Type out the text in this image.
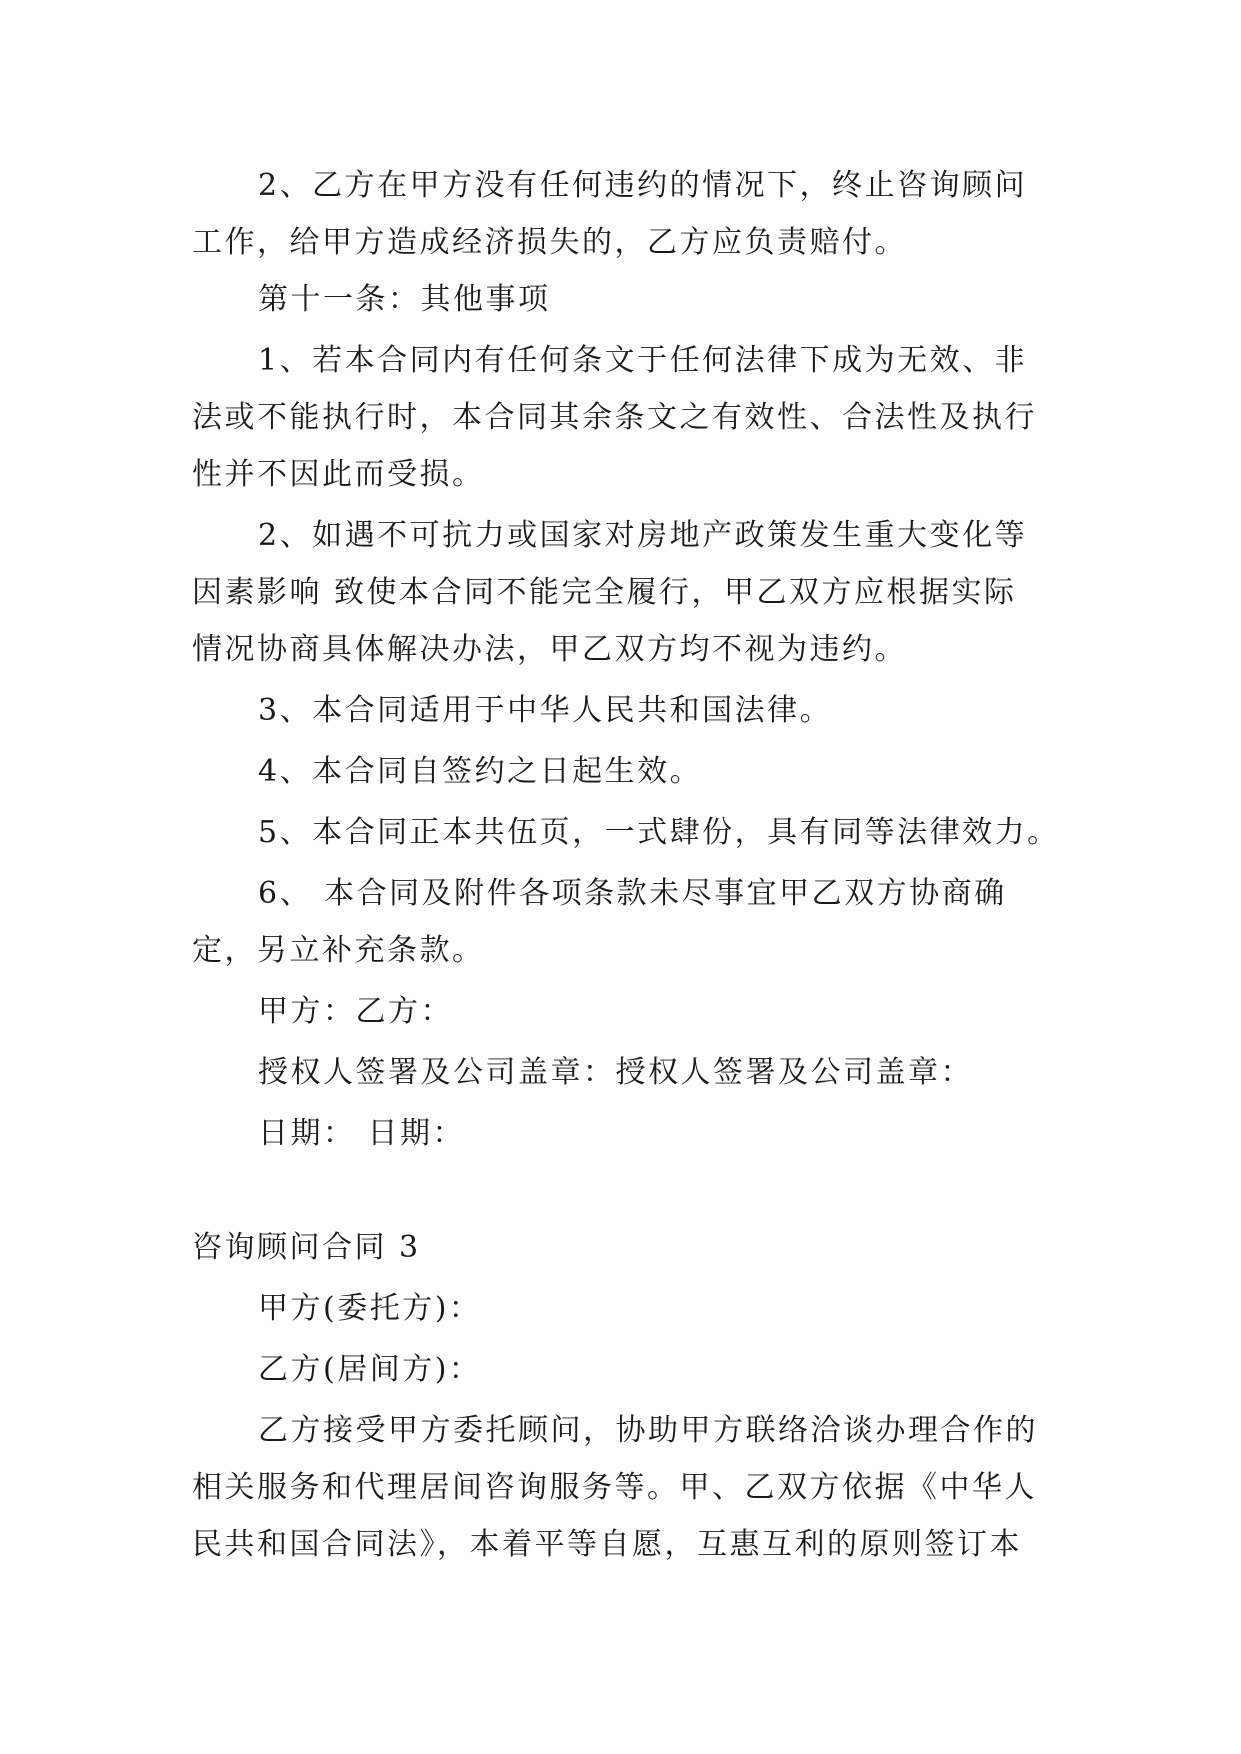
2、乙方在甲方没有任何违约的情况下，终止咨询顾问

工作，给甲方造成经济损失的，乙方应负责赔付。

第十一条：其他事项

1、若本合同内有任何条文于任何法律下成为无效、非

法或不能执行时，本合同其余条文之有效性、合法性及执行

性并不因此而受损。

2、如遇不可抗力或国家对房地产政策发生重大变化等

因素影响 致使本合同不能完全履行，甲乙双方应根据实际

情况协商具体解决办法，甲乙双方均不视为违约。

3、本合同适用于中华人民共和国法律。

4、本合同自签约之日起生效。

5、本合同正本共伍页，一式肆份，具有同等法律效力。

6、 本合同及附件各项条款未尽事宜甲乙双方协商确

定，另立补充条款。

甲方：乙方：

授权人签署及公司盖章：授权人签署及公司盖章：

日期： 日期：

咨询顾问合同 3

甲方(委托方)：

乙方(居间方)：

乙方接受甲方委托顾问，协助甲方联络洽谈办理合作的

相关服务和代理居间咨询服务等。甲、乙双方依据《中华人

民共和国合同法》，本着平等自愿，互惠互利的原则签订本
